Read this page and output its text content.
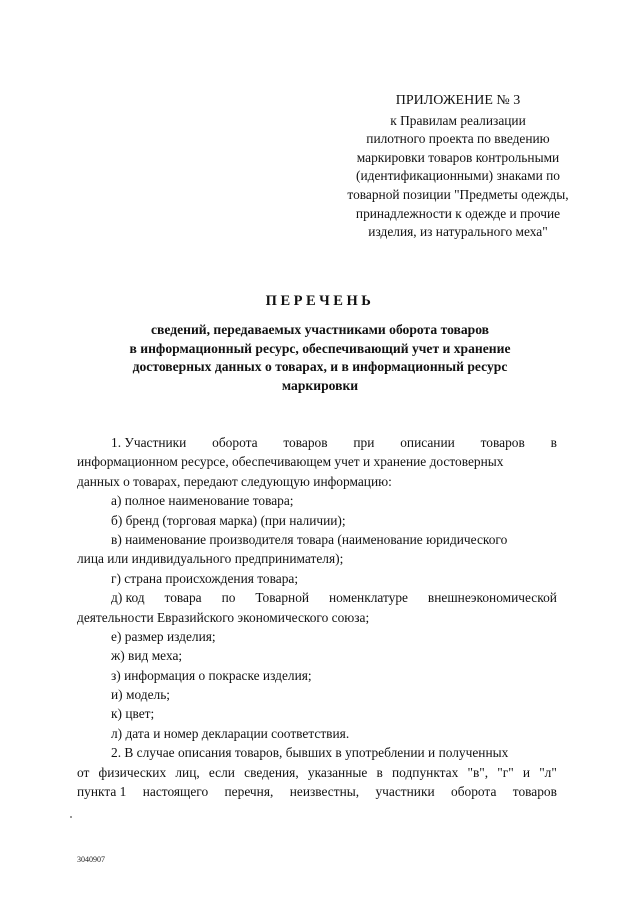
ПРИЛОЖЕНИЕ № 3
к Правилам реализации
пилотного проекта по введению
маркировки товаров контрольными
(идентификационными) знаками по
товарной позиции "Предметы одежды,
принадлежности к одежде и прочие
изделия, из натурального меха"
ПЕРЕЧЕНЬ
сведений, передаваемых участниками оборота товаров
в информационный ресурс, обеспечивающий учет и хранение
достоверных данных о товарах, и в информационный ресурс
маркировки
1. Участники оборота товаров при описании товаров в
информационном ресурсе, обеспечивающем учет и хранение достоверных
данных о товарах, передают следующую информацию:
а) полное наименование товара;
б) бренд (торговая марка) (при наличии);
в) наименование производителя товара (наименование юридического
лица или индивидуального предпринимателя);
г) страна происхождения товара;
д) код товара по Товарной номенклатуре внешнеэкономической
деятельности Евразийского экономического союза;
е) размер изделия;
ж) вид меха;
з) информация о покраске изделия;
и) модель;
к) цвет;
л) дата и номер декларации соответствия.
2. В случае описания товаров, бывших в употреблении и полученных
от физических лиц, если сведения, указанные в подпунктах "в", "г" и "л"
пункта 1 настоящего перечня, неизвестны, участники оборота товаров
3040907
